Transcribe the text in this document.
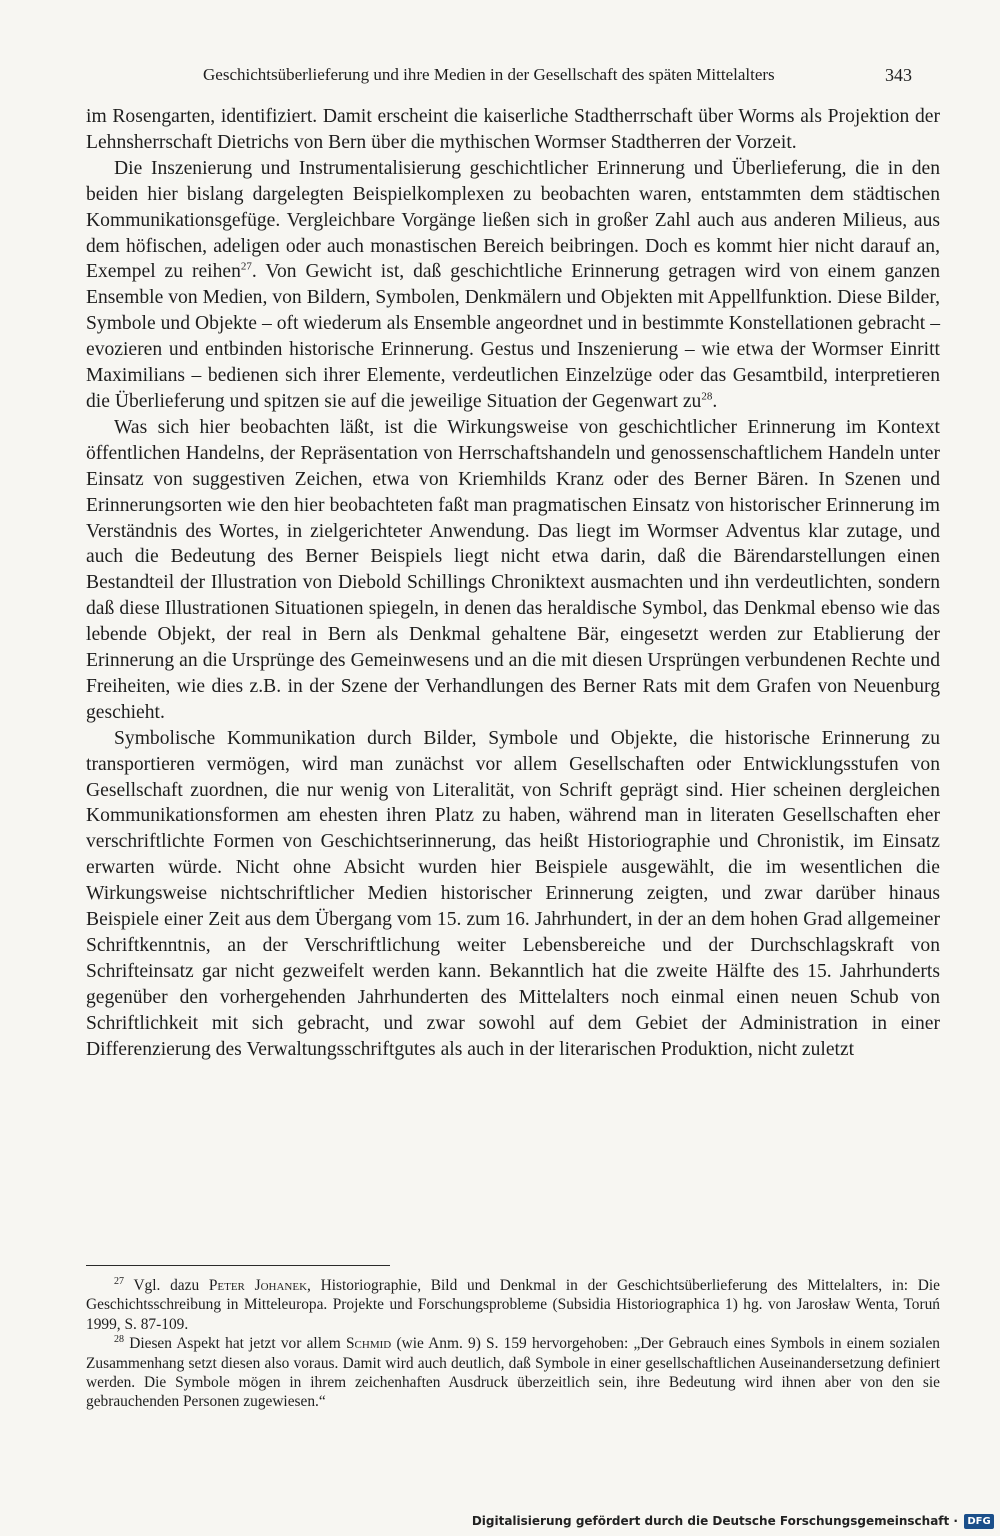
Geschichtsüberlieferung und ihre Medien in der Gesellschaft des späten Mittelalters	343

im Rosengarten, identifiziert. Damit erscheint die kaiserliche Stadtherrschaft über Worms als Projektion der Lehnsherrschaft Dietrichs von Bern über die mythischen Wormser Stadtherren der Vorzeit.

Die Inszenierung und Instrumentalisierung geschichtlicher Erinnerung und Überlieferung, die in den beiden hier bislang dargelegten Beispielkomplexen zu beobachten waren, entstammten dem städtischen Kommunikationsgefüge. Vergleichbare Vorgänge ließen sich in großer Zahl auch aus anderen Milieus, aus dem höfischen, adeligen oder auch monastischen Bereich beibringen. Doch es kommt hier nicht darauf an, Exempel zu reihen$^{27}$. Von Gewicht ist, daß geschichtliche Erinnerung getragen wird von einem ganzen Ensemble von Medien, von Bildern, Symbolen, Denkmälern und Objekten mit Appellfunktion. Diese Bilder, Symbole und Objekte – oft wiederum als Ensemble angeordnet und in bestimmte Konstellationen gebracht – evozieren und entbinden historische Erinnerung. Gestus und Inszenierung – wie etwa der Wormser Einritt Maximilians – bedienen sich ihrer Elemente, verdeutlichen Einzelzüge oder das Gesamtbild, interpretieren die Überlieferung und spitzen sie auf die jeweilige Situation der Gegenwart $zu^{28}$.

Was sich hier beobachten läßt, ist die Wirkungsweise von geschichtlicher Erinnerung im Kontext öffentlichen Handelns, der Repräsentation von Herrschaftshandeln und genossenschaftlichem Handeln unter Einsatz von suggestiven Zeichen, etwa von Kriemhilds Kranz oder des Berner Bären. In Szenen und Erinnerungsorten wie den hier beobachteten faßt man pragmatischen Einsatz von historischer Erinnerung im Verständnis des Wortes, in zielgerichteter Anwendung. Das liegt im Wormser Adventus klar zutage, und auch die Bedeutung des Berner Beispiels liegt nicht etwa darin, daß die Bärendarstellungen einen Bestandteil der Illustration von Diebold Schillings Chroniktext ausmachten und ihn verdeutlichten, sondern daß diese Illustrationen Situationen spiegeln, in denen das heraldische Symbol, das Denkmal ebenso wie das lebende Objekt, der real in Bern als Denkmal gehaltene Bär, eingesetzt werden zur Etablierung der Erinnerung an die Ursprünge des Gemeinwesens und an die mit diesen Ursprüngen verbundenen Rechte und Freiheiten, wie dies z.B. in der Szene der Verhandlungen des Berner Rats mit dem Grafen von Neuenburg geschieht.

Symbolische Kommunikation durch Bilder, Symbole und Objekte, die historische Erinnerung zu transportieren vermögen, wird man zunächst vor allem Gesellschaften oder Entwicklungsstufen von Gesellschaft zuordnen, die nur wenig von Literalität, von Schrift geprägt sind. Hier scheinen dergleichen Kommunikationsformen am ehesten ihren Platz zu haben, während man in literaten Gesellschaften eher verschriftlichte Formen von Geschichtserinnerung, das heißt Historiographie und Chronistik, im Einsatz erwarten würde. Nicht ohne Absicht wurden hier Beispiele ausgewählt, die im wesentlichen die Wirkungsweise nichtschriftlicher Medien historischer Erinnerung zeigten, und zwar darüber hinaus Beispiele einer Zeit aus dem Übergang vom 15. zum 16. Jahrhundert, in der an dem hohen Grad allgemeiner Schriftkenntnis, an der Verschriftlichung weiter Lebensbereiche und der Durchschlagskraft von Schrifteinsatz gar nicht gezweifelt werden kann. Bekanntlich hat die zweite Hälfte des 15. Jahrhunderts gegenüber den vorhergehenden Jahrhunderten des Mittelalters noch einmal einen neuen Schub von Schriftlichkeit mit sich gebracht, und zwar sowohl auf dem Gebiet der Administration in einer Differenzierung des Verwaltungsschriftgutes als auch in der literarischen Produktion, nicht zuletzt

$^{27}$ Vgl. dazu Peter Johanek, Historiographie, Bild und Denkmal in der Geschichtsüberlieferung des Mittelalters, in: Die Geschichtsschreibung in Mitteleuropa. Projekte und Forschungsprobleme (Subsidia Historiographica 1) hg. von Jarosław Wenta, Toruń 1999, S. 87-109.

$^{28}$ Diesen Aspekt hat jetzt vor allem Schmid (wie Anm. 9) S. 159 hervorgehoben: „Der Gebrauch eines Symbols in einem sozialen Zusammenhang setzt diesen also voraus. Damit wird auch deutlich, daß Symbole in einer gesellschaftlichen Auseinandersetzung definiert werden. Die Symbole mögen in ihrem zeichenhaften Ausdruck überzeitlich sein, ihre Bedeutung wird ihnen aber von den sie gebrauchenden Personen zugewiesen.“

Digitalisierung gefördert durch die Deutsche Forschungsgemeinschaft · DFG
